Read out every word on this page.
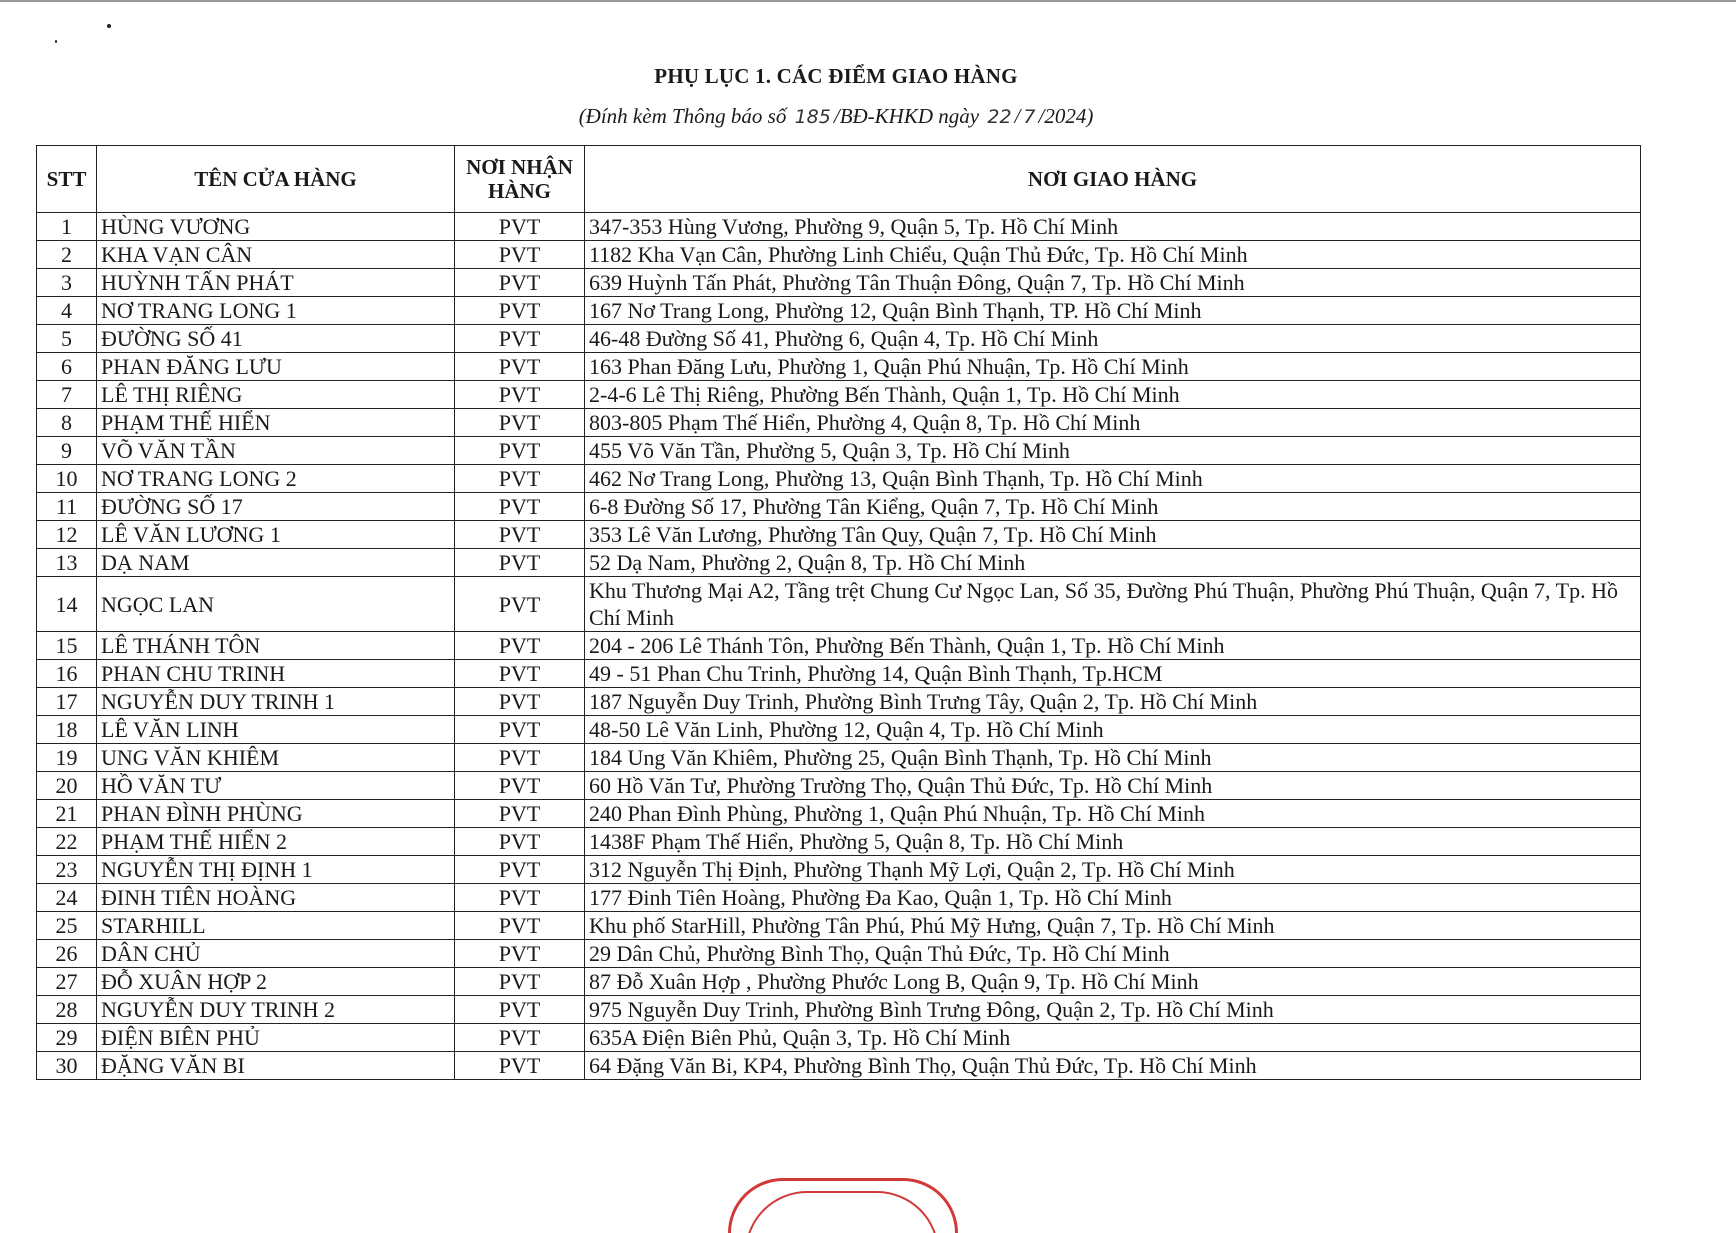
PHỤ LỤC 1. CÁC ĐIỂM GIAO HÀNG
(Đính kèm Thông báo số 185 /BĐ-KHKD ngày 22 / 7 /2024)
STT	TÊN CỬA HÀNG	NƠI NHẬN HÀNG	NƠI GIAO HÀNG
1	HÙNG VƯƠNG	PVT	347-353 Hùng Vương, Phường 9, Quận 5, Tp. Hồ Chí Minh
2	KHA VẠN CÂN	PVT	1182 Kha Vạn Cân, Phường Linh Chiểu, Quận Thủ Đức, Tp. Hồ Chí Minh
3	HUỲNH TẤN PHÁT	PVT	639 Huỳnh Tấn Phát, Phường Tân Thuận Đông, Quận 7, Tp. Hồ Chí Minh
4	NƠ TRANG LONG 1	PVT	167 Nơ Trang Long, Phường 12, Quận Bình Thạnh, TP. Hồ Chí Minh
5	ĐƯỜNG SỐ 41	PVT	46-48 Đường Số 41, Phường 6, Quận 4, Tp. Hồ Chí Minh
6	PHAN ĐĂNG LƯU	PVT	163 Phan Đăng Lưu, Phường 1, Quận Phú Nhuận, Tp. Hồ Chí Minh
7	LÊ THỊ RIÊNG	PVT	2-4-6 Lê Thị Riêng, Phường Bến Thành, Quận 1, Tp. Hồ Chí Minh
8	PHẠM THẾ HIỂN	PVT	803-805 Phạm Thế Hiển, Phường 4, Quận 8, Tp. Hồ Chí Minh
9	VÕ VĂN TẦN	PVT	455 Võ Văn Tần, Phường 5, Quận 3, Tp. Hồ Chí Minh
10	NƠ TRANG LONG 2	PVT	462 Nơ Trang Long, Phường 13, Quận Bình Thạnh, Tp. Hồ Chí Minh
11	ĐƯỜNG SỐ 17	PVT	6-8 Đường Số 17, Phường Tân Kiểng, Quận 7, Tp. Hồ Chí Minh
12	LÊ VĂN LƯƠNG 1	PVT	353 Lê Văn Lương, Phường Tân Quy, Quận 7, Tp. Hồ Chí Minh
13	DẠ NAM	PVT	52 Dạ Nam, Phường 2, Quận 8, Tp. Hồ Chí Minh
14	NGỌC LAN	PVT	Khu Thương Mại A2, Tầng trệt Chung Cư Ngọc Lan, Số 35, Đường Phú Thuận, Phường Phú Thuận, Quận 7, Tp. Hồ Chí Minh
15	LÊ THÁNH TÔN	PVT	204 - 206 Lê Thánh Tôn, Phường Bến Thành, Quận 1, Tp. Hồ Chí Minh
16	PHAN CHU TRINH	PVT	49 - 51 Phan Chu Trinh, Phường 14, Quận Bình Thạnh, Tp.HCM
17	NGUYỄN DUY TRINH 1	PVT	187 Nguyễn Duy Trinh, Phường Bình Trưng Tây, Quận 2, Tp. Hồ Chí Minh
18	LÊ VĂN LINH	PVT	48-50 Lê Văn Linh, Phường 12, Quận 4, Tp. Hồ Chí Minh
19	UNG VĂN KHIÊM	PVT	184 Ung Văn Khiêm, Phường 25, Quận Bình Thạnh, Tp. Hồ Chí Minh
20	HỒ VĂN TƯ	PVT	60 Hồ Văn Tư, Phường Trường Thọ, Quận Thủ Đức, Tp. Hồ Chí Minh
21	PHAN ĐÌNH PHÙNG	PVT	240 Phan Đình Phùng, Phường 1, Quận Phú Nhuận, Tp. Hồ Chí Minh
22	PHẠM THẾ HIỂN 2	PVT	1438F Phạm Thế Hiển, Phường 5, Quận 8, Tp. Hồ Chí Minh
23	NGUYỄN THỊ ĐỊNH 1	PVT	312 Nguyễn Thị Định, Phường Thạnh Mỹ Lợi, Quận 2, Tp. Hồ Chí Minh
24	ĐINH TIÊN HOÀNG	PVT	177 Đinh Tiên Hoàng, Phường Đa Kao, Quận 1, Tp. Hồ Chí Minh
25	STARHILL	PVT	Khu phố StarHill, Phường Tân Phú, Phú Mỹ Hưng, Quận 7, Tp. Hồ Chí Minh
26	DÂN CHỦ	PVT	29 Dân Chủ, Phường Bình Thọ, Quận Thủ Đức, Tp. Hồ Chí Minh
27	ĐỖ XUÂN HỢP 2	PVT	87 Đỗ Xuân Hợp , Phường Phước Long B, Quận 9, Tp. Hồ Chí Minh
28	NGUYỄN DUY TRINH 2	PVT	975 Nguyễn Duy Trinh, Phường Bình Trưng Đông, Quận 2, Tp. Hồ Chí Minh
29	ĐIỆN BIÊN PHỦ	PVT	635A Điện Biên Phủ, Quận 3, Tp. Hồ Chí Minh
30	ĐẶNG VĂN BI	PVT	64 Đặng Văn Bi, KP4, Phường Bình Thọ, Quận Thủ Đức, Tp. Hồ Chí Minh
